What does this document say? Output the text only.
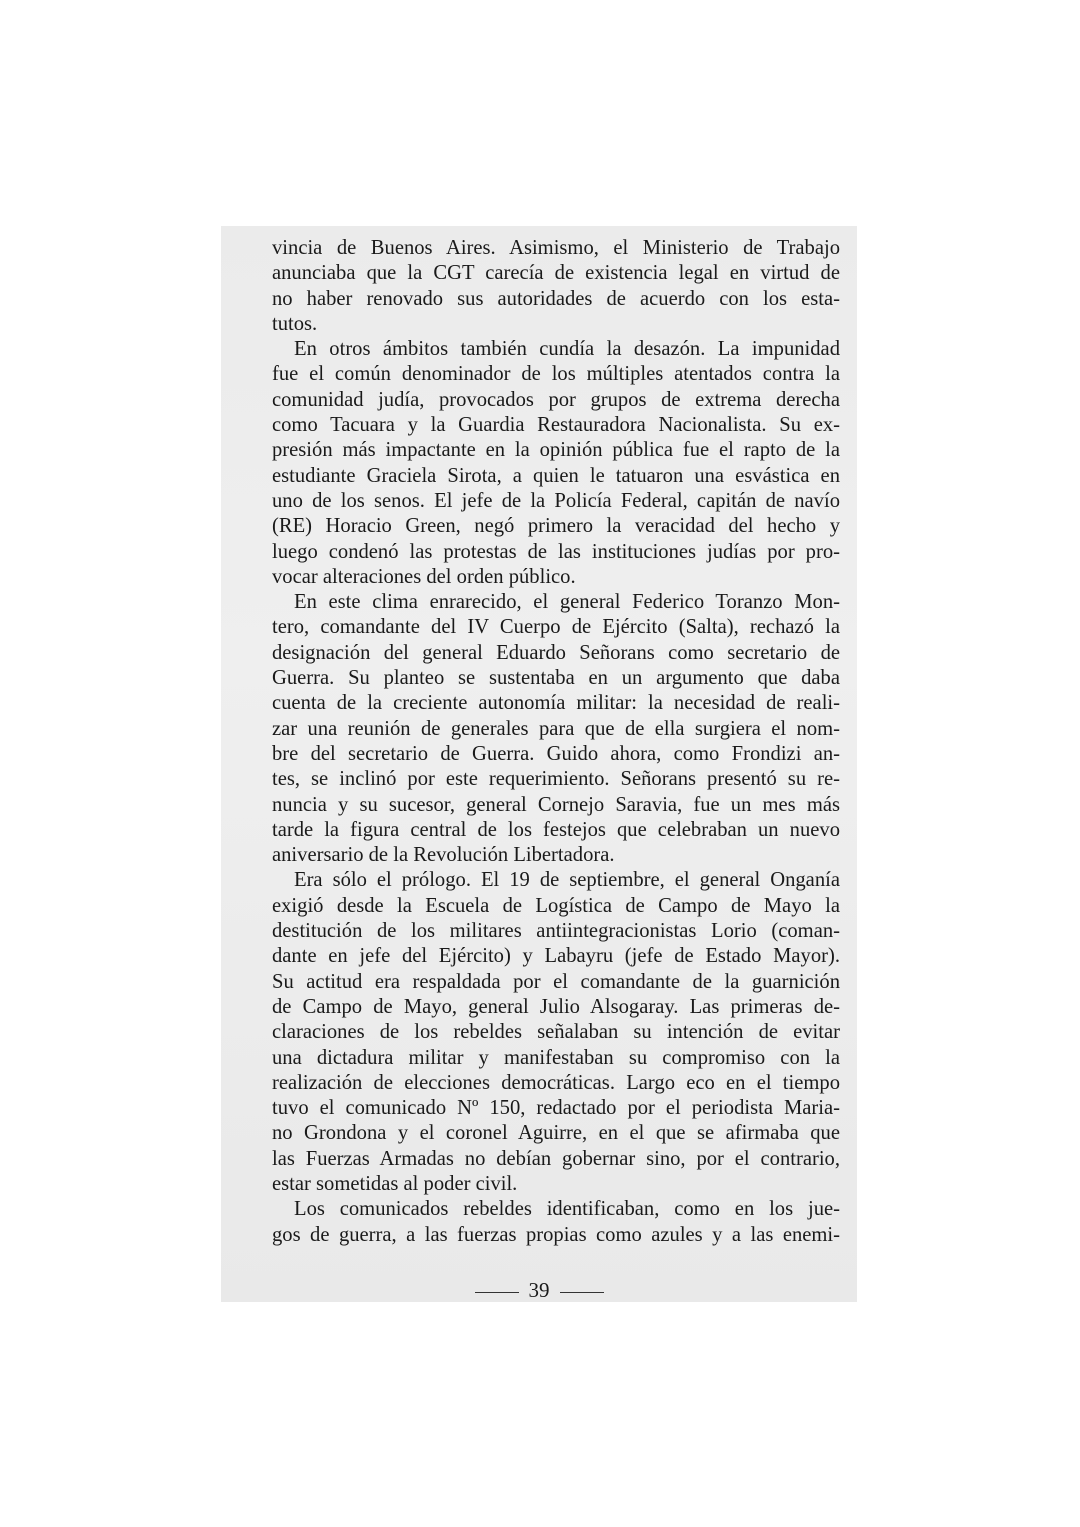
vincia de Buenos Aires. Asimismo, el Ministerio de Trabajo
anunciaba que la CGT carecía de existencia legal en virtud de
no haber renovado sus autoridades de acuerdo con los esta-
tutos.
En otros ámbitos también cundía la desazón. La impunidad
fue el común denominador de los múltiples atentados contra la
comunidad judía, provocados por grupos de extrema derecha
como Tacuara y la Guardia Restauradora Nacionalista. Su ex-
presión más impactante en la opinión pública fue el rapto de la
estudiante Graciela Sirota, a quien le tatuaron una esvástica en
uno de los senos. El jefe de la Policía Federal, capitán de navío
(RE) Horacio Green, negó primero la veracidad del hecho y
luego condenó las protestas de las instituciones judías por pro-
vocar alteraciones del orden público.
En este clima enrarecido, el general Federico Toranzo Mon-
tero, comandante del IV Cuerpo de Ejército (Salta), rechazó la
designación del general Eduardo Señorans como secretario de
Guerra. Su planteo se sustentaba en un argumento que daba
cuenta de la creciente autonomía militar: la necesidad de reali-
zar una reunión de generales para que de ella surgiera el nom-
bre del secretario de Guerra. Guido ahora, como Frondizi an-
tes, se inclinó por este requerimiento. Señorans presentó su re-
nuncia y su sucesor, general Cornejo Saravia, fue un mes más
tarde la figura central de los festejos que celebraban un nuevo
aniversario de la Revolución Libertadora.
Era sólo el prólogo. El 19 de septiembre, el general Onganía
exigió desde la Escuela de Logística de Campo de Mayo la
destitución de los militares antiintegracionistas Lorio (coman-
dante en jefe del Ejército) y Labayru (jefe de Estado Mayor).
Su actitud era respaldada por el comandante de la guarnición
de Campo de Mayo, general Julio Alsogaray. Las primeras de-
claraciones de los rebeldes señalaban su intención de evitar
una dictadura militar y manifestaban su compromiso con la
realización de elecciones democráticas. Largo eco en el tiempo
tuvo el comunicado Nº 150, redactado por el periodista Maria-
no Grondona y el coronel Aguirre, en el que se afirmaba que
las Fuerzas Armadas no debían gobernar sino, por el contrario,
estar sometidas al poder civil.
Los comunicados rebeldes identificaban, como en los jue-
gos de guerra, a las fuerzas propias como azules y a las enemi-
39
